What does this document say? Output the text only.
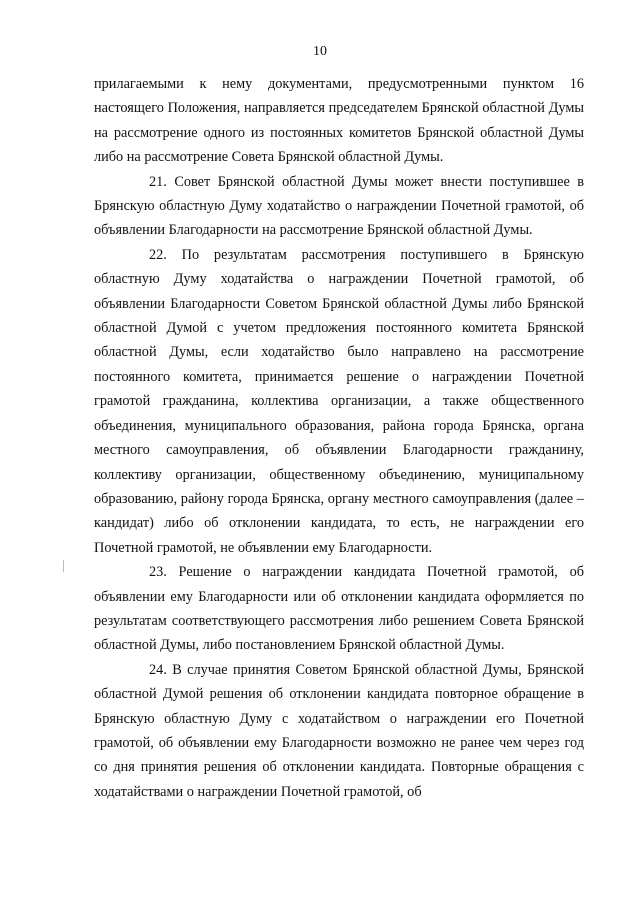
10

прилагаемыми к нему документами, предусмотренными пунктом 16 настоящего Положения, направляется председателем Брянской областной Думы на рассмотрение одного из постоянных комитетов Брянской областной Думы либо на рассмотрение Совета Брянской областной Думы.

21. Совет Брянской областной Думы может внести поступившее в Брянскую областную Думу ходатайство о награждении Почетной грамотой, об объявлении Благодарности на рассмотрение Брянской областной Думы.

22. По результатам рассмотрения поступившего в Брянскую областную Думу ходатайства о награждении Почетной грамотой, об объявлении Благодарности Советом Брянской областной Думы либо Брянской областной Думой с учетом предложения постоянного комитета Брянской областной Думы, если ходатайство было направлено на рассмотрение постоянного комитета, принимается решение о награждении Почетной грамотой гражданина, коллектива организации, а также общественного объединения, муниципального образования, района города Брянска, органа местного самоуправления, об объявлении Благодарности гражданину, коллективу организации, общественному объединению, муниципальному образованию, району города Брянска, органу местного самоуправления (далее – кандидат) либо об отклонении кандидата, то есть, не награждении его Почетной грамотой, не объявлении ему Благодарности.

23. Решение о награждении кандидата Почетной грамотой, об объявлении ему Благодарности или об отклонении кандидата оформляется по результатам соответствующего рассмотрения либо решением Совета Брянской областной Думы, либо постановлением Брянской областной Думы.

24. В случае принятия Советом Брянской областной Думы, Брянской областной Думой решения об отклонении кандидата повторное обращение в Брянскую областную Думу с ходатайством о награждении его Почетной грамотой, об объявлении ему Благодарности возможно не ранее чем через год со дня принятия решения об отклонении кандидата. Повторные обращения с ходатайствами о награждении Почетной грамотой, об
